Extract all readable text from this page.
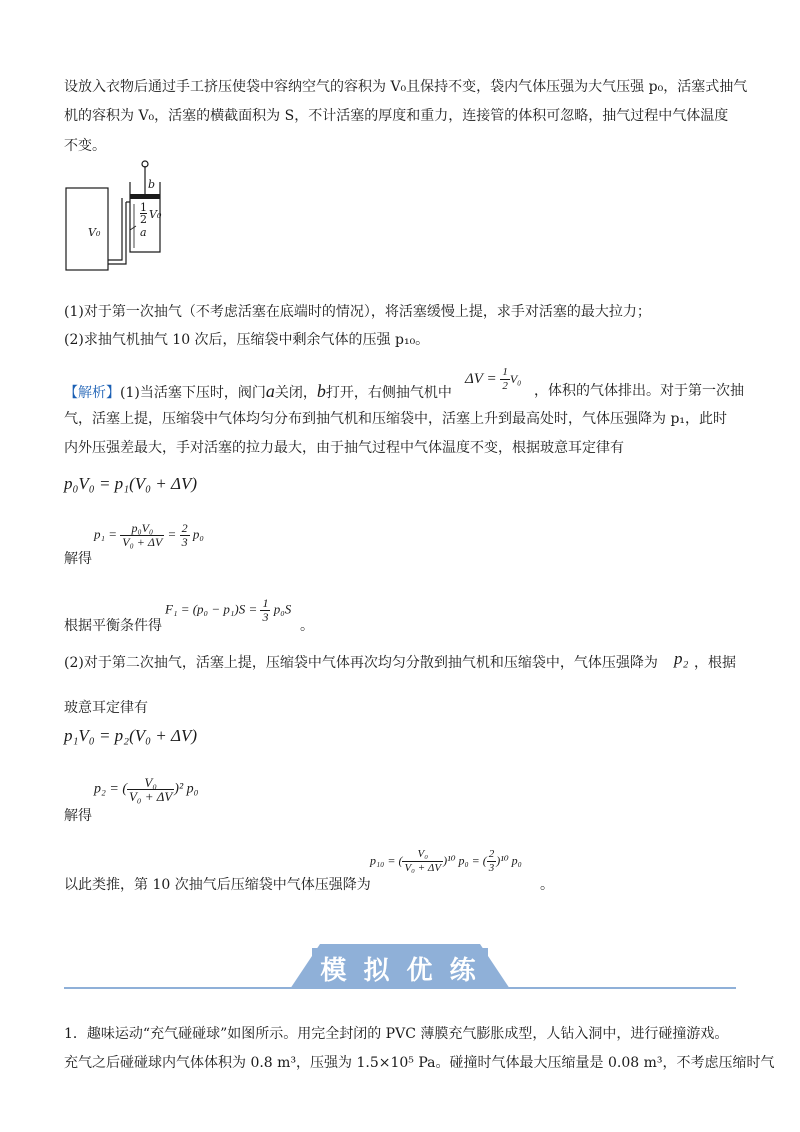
设放入衣物后通过手工挤压使袋中容纳空气的容积为 V₀且保持不变，袋内气体压强为大气压强 p₀，活塞式抽气
机的容积为 V₀，活塞的横截面积为 S，不计活塞的厚度和重力，连接管的体积可忽略，抽气过程中气体温度
不变。
V₀
b
$\frac{1}{2} V_0$
a
(1)对于第一次抽气（不考虑活塞在底端时的情况），将活塞缓慢上提，求手对活塞的最大拉力；
(2)求抽气机抽气 10 次后，压缩袋中剩余气体的压强 p₁₀。
【解析】(1)当活塞下压时，阀门a关闭，b打开，右侧抽气机中
$\Delta V = \frac{1}{2} V_0$
，体积的气体排出。对于第一次抽
气，活塞上提，压缩袋中气体均匀分布到抽气机和压缩袋中，活塞上升到最高处时，气体压强降为 p₁，此时
内外压强差最大，手对活塞的拉力最大，由于抽气过程中气体温度不变，根据玻意耳定律有
p₀V₀ = p₁(V₀ + ΔV)
$p_1 = \frac{\text{p₀V₀}}{\text{V₀ + ΔV}} = \frac{2}{3} p_0$
解得
$F_1 = (p_0 - p_1)S = \frac{1}{3} p_0S$
根据平衡条件得	。
(2)对于第二次抽气，活塞上提，压缩袋中气体再次均匀分散到抽气机和压缩袋中，气体压强降为 p₂ ，根据
玻意耳定律有
p₁V₀ = p₂(V₀ + ΔV)
p₂ = ( $\frac{\text{V₀}}{\text{V₀ + ΔV}} )^2$ p₀
解得
以此类推，第 10 次抽气后压缩袋中气体压强降为
p₁₀ = ( $\frac{\text{V₀}}{\text{V₀ + ΔV}} )^{10}$ p₀ = ( $\frac{2}{3} )^{10}$ p₀
。
模 拟 优 练
1．趣味运动“充气碰碰球”如图所示。用完全封闭的 PVC 薄膜充气膨胀成型，人钻入洞中，进行碰撞游戏。
充气之后碰碰球内气体体积为 0.8 m³，压强为 1.5×10⁵ Pa。碰撞时气体最大压缩量是 0.08 m³，不考虑压缩时气
